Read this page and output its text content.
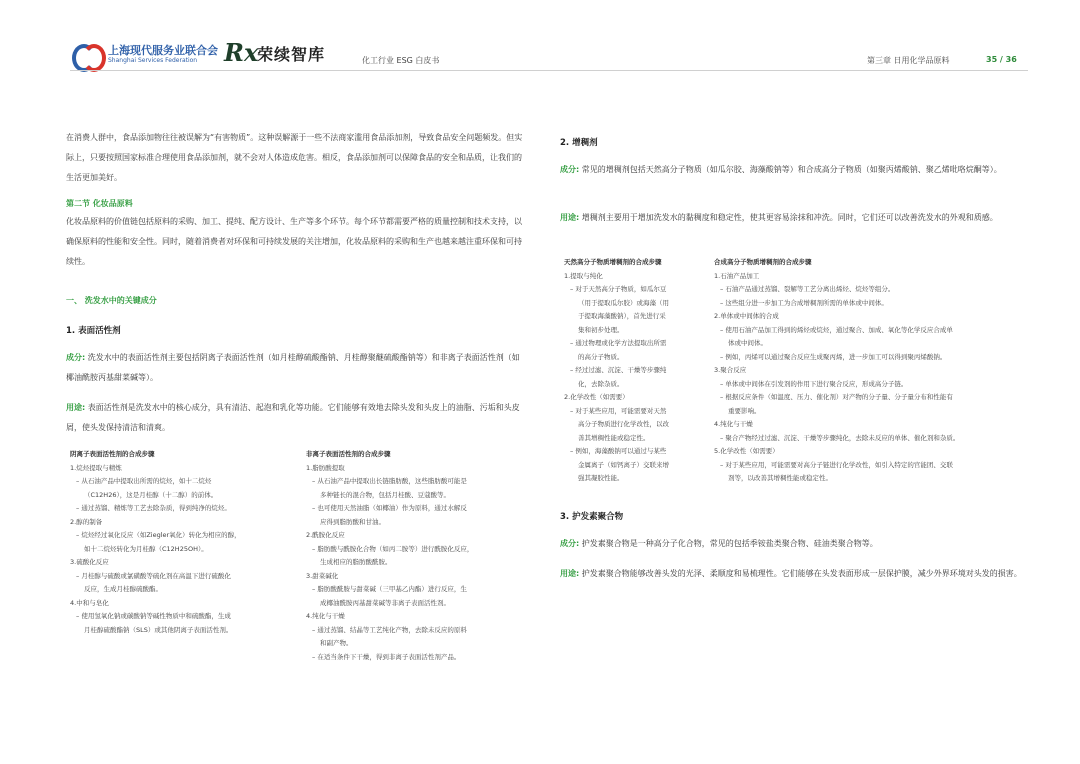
上海现代服务业联合会
Shanghai Services Federation	Rx
荣续智库	化工行业 ESG 白皮书	第三章 日用化学品原料	35 / 36
在消费人群中，食品添加物往往被误解为“有害物质”。这种误解源于一些不法商家滥用食品添加剂，导致食品安全问题频发。但实际上，只要按照国家标准合理使用食品添加剂，就不会对人体造成危害。相反，食品添加剂可以保障食品的安全和品质，让我们的生活更加美好。
第二节 化妆品原料
化妆品原料的价值链包括原料的采购、加工、提纯、配方设计、生产等多个环节。每个环节都需要严格的质量控制和技术支持，以确保原料的性能和安全性。同时，随着消费者对环保和可持续发展的关注增加，化妆品原料的采购和生产也越来越注重环保和可持续性。
一、 洗发水中的关键成分
1. 表面活性剂
成分: 洗发水中的表面活性剂主要包括阴离子表面活性剂（如月桂醇硫酸酯钠、月桂醇聚醚硫酸酯钠等）和非离子表面活性剂（如椰油酰胺丙基甜菜碱等）。
用途: 表面活性剂是洗发水中的核心成分，具有清洁、起泡和乳化等功能。它们能够有效地去除头发和头皮上的油脂、污垢和头皮屑，使头发保持清洁和清爽。
阴离子表面活性剂的合成步骤
1.烷烃提取与精炼
– 从石油产品中提取出所需的烷烃，如十二烷烃
（C12H26），这是月桂醇（十二醇）的前体。
– 通过蒸馏、精炼等工艺去除杂质，得到纯净的烷烃。
2.醇的制备
– 烷烃经过氧化反应（如Ziegler氧化）转化为相应的醇，
如十二烷烃转化为月桂醇（C12H25OH）。
3.硫酸化反应
– 月桂醇与硫酸或氯磺酸等硫化剂在高温下进行硫酸化
反应，生成月桂醇硫酸酯。
4.中和与皂化
– 使用氢氧化钠或碳酸钠等碱性物质中和硫酸酯，生成
月桂醇硫酸酯钠（SLS）或其他阴离子表面活性剂。
非离子表面活性剂的合成步骤
1.脂肪酸提取
– 从石油产品中提取出长链脂肪酸，这些脂肪酸可能是
多种链长的混合物，包括月桂酸、豆蔻酸等。
– 也可使用天然油脂（如椰油）作为原料，通过水解反
应得到脂肪酸和甘油。
2.酰胺化反应
– 脂肪酸与酰胺化合物（如丙二胺等）进行酰胺化反应，
生成相应的脂肪酸酰胺。
3.甜菜碱化
– 脂肪酸酰胺与甜菜碱（三甲基乙内酯）进行反应，生
成椰油酰胺丙基甜菜碱等非离子表面活性剂。
4.纯化与干燥
– 通过蒸馏、结晶等工艺纯化产物，去除未反应的原料
和副产物。
– 在适当条件下干燥，得到非离子表面活性剂产品。
2. 增稠剂
成分: 常见的增稠剂包括天然高分子物质（如瓜尔胶、海藻酸钠等）和合成高分子物质（如聚丙烯酸钠、聚乙烯吡咯烷酮等）。
用途: 增稠剂主要用于增加洗发水的黏稠度和稳定性，使其更容易涂抹和冲洗。同时，它们还可以改善洗发水的外观和质感。
天然高分子物质增稠剂的合成步骤
1.提取与纯化
– 对于天然高分子物质，如瓜尔豆
（用于提取瓜尔胶）或海藻（用
于提取海藻酸钠），首先进行采
集和初步处理。
– 通过物理或化学方法提取出所需
的高分子物质。
– 经过过滤、沉淀、干燥等步骤纯
化，去除杂质。
2.化学改性（如需要）
– 对于某些应用，可能需要对天然
高分子物质进行化学改性，以改
善其增稠性能或稳定性。
– 例如，海藻酸钠可以通过与某些
金属离子（如钙离子）交联来增
强其凝胶性能。
合成高分子物质增稠剂的合成步骤
1.石油产品加工
– 石油产品通过蒸馏、裂解等工艺分离出烯烃、烷烃等组分。
– 这些组分进一步加工为合成增稠剂所需的单体或中间体。
2.单体或中间体的合成
– 使用石油产品加工得到的烯烃或烷烃，通过聚合、加成、氧化等化学反应合成单
体或中间体。
– 例如，丙烯可以通过聚合反应生成聚丙烯，进一步加工可以得到聚丙烯酸钠。
3.聚合反应
– 单体或中间体在引发剂的作用下进行聚合反应，形成高分子链。
– 根据反应条件（如温度、压力、催化剂）对产物的分子量、分子量分布和性能有
重要影响。
4.纯化与干燥
– 聚合产物经过过滤、沉淀、干燥等步骤纯化，去除未反应的单体、催化剂和杂质。
5.化学改性（如需要）
– 对于某些应用，可能需要对高分子链进行化学改性，如引入特定的官能团、交联
剂等，以改善其增稠性能或稳定性。
3. 护发素聚合物
成分: 护发素聚合物是一种高分子化合物，常见的包括季铵盐类聚合物、硅油类聚合物等。
用途: 护发素聚合物能够改善头发的光泽、柔顺度和易梳理性。它们能够在头发表面形成一层保护膜，减少外界环境对头发的损害。
